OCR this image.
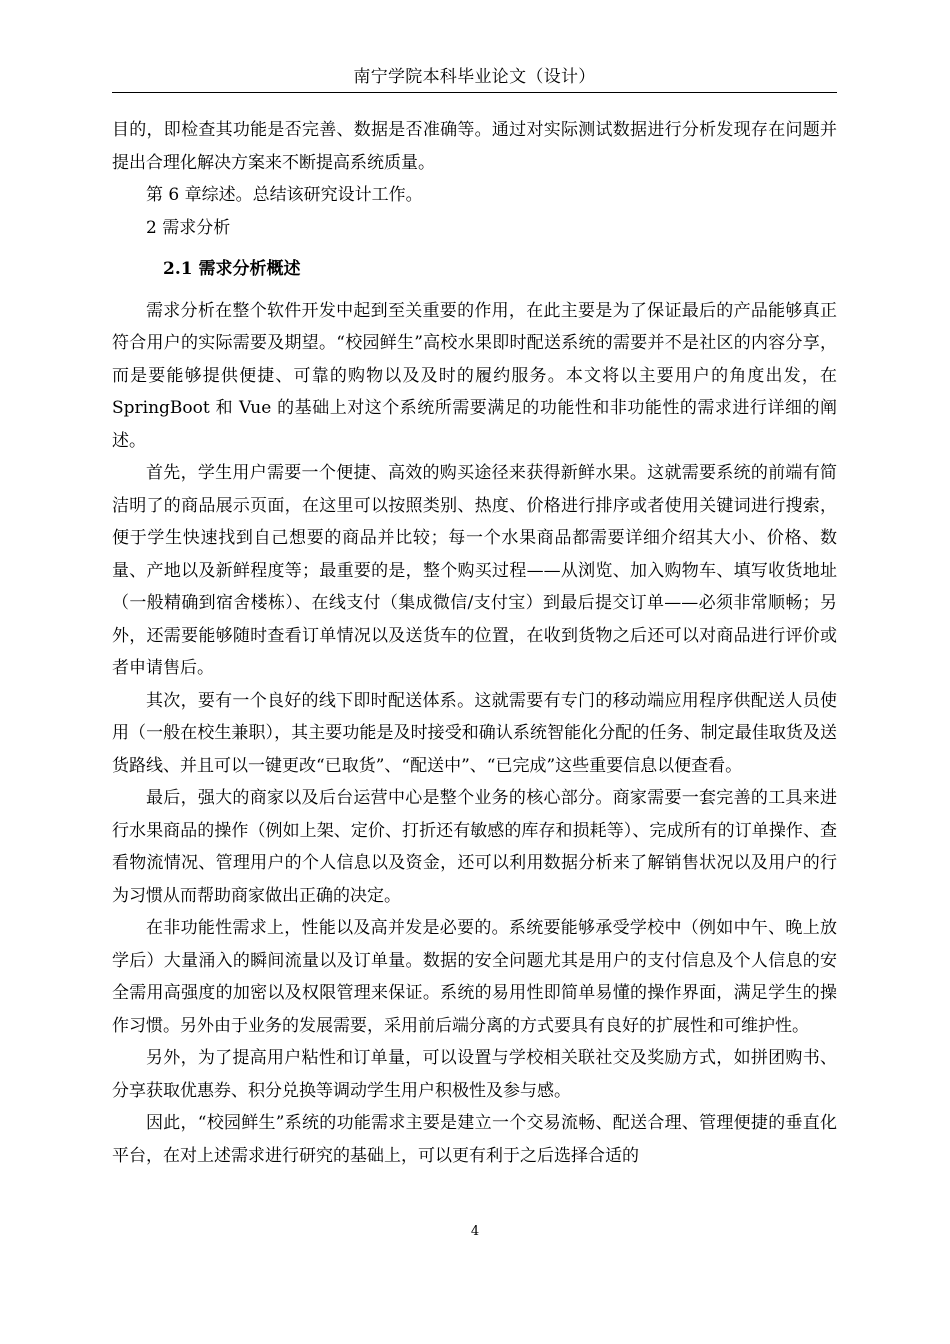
南宁学院本科毕业论文（设计）

目的，即检查其功能是否完善、数据是否准确等。通过对实际测试数据进行分析发现存在问题并提出合理化解决方案来不断提高系统质量。

第 6 章综述。总结该研究设计工作。

2 需求分析
2.1 需求分析概述

需求分析在整个软件开发中起到至关重要的作用，在此主要是为了保证最后的产品能够真正符合用户的实际需要及期望。“校园鲜生”高校水果即时配送系统的需要并不是社区的内容分享，而是要能够提供便捷、可靠的购物以及及时的履约服务。本文将以主要用户的角度出发，在 SpringBoot 和 Vue 的基础上对这个系统所需要满足的功能性和非功能性的需求进行详细的阐述。

首先，学生用户需要一个便捷、高效的购买途径来获得新鲜水果。这就需要系统的前端有简洁明了的商品展示页面，在这里可以按照类别、热度、价格进行排序或者使用关键词进行搜索，便于学生快速找到自己想要的商品并比较；每一个水果商品都需要详细介绍其大小、价格、数量、产地以及新鲜程度等；最重要的是，整个购买过程——从浏览、加入购物车、填写收货地址（一般精确到宿舍楼栋）、在线支付（集成微信/支付宝）到最后提交订单——必须非常顺畅；另外，还需要能够随时查看订单情况以及送货车的位置，在收到货物之后还可以对商品进行评价或者申请售后。

其次，要有一个良好的线下即时配送体系。这就需要有专门的移动端应用程序供配送人员使用（一般在校生兼职），其主要功能是及时接受和确认系统智能化分配的任务、制定最佳取货及送货路线、并且可以一键更改“已取货”、“配送中”、“已完成”这些重要信息以便查看。

最后，强大的商家以及后台运营中心是整个业务的核心部分。商家需要一套完善的工具来进行水果商品的操作（例如上架、定价、打折还有敏感的库存和损耗等）、完成所有的订单操作、查看物流情况、管理用户的个人信息以及资金，还可以利用数据分析来了解销售状况以及用户的行为习惯从而帮助商家做出正确的决定。

在非功能性需求上，性能以及高并发是必要的。系统要能够承受学校中（例如中午、晚上放学后）大量涌入的瞬间流量以及订单量。数据的安全问题尤其是用户的支付信息及个人信息的安全需用高强度的加密以及权限管理来保证。系统的易用性即简单易懂的操作界面，满足学生的操作习惯。另外由于业务的发展需要，采用前后端分离的方式要具有良好的扩展性和可维护性。

另外，为了提高用户粘性和订单量，可以设置与学校相关联社交及奖励方式，如拼团购书、分享获取优惠券、积分兑换等调动学生用户积极性及参与感。

因此，“校园鲜生”系统的功能需求主要是建立一个交易流畅、配送合理、管理便捷的垂直化平台，在对上述需求进行研究的基础上，可以更有利于之后选择合适的

4
